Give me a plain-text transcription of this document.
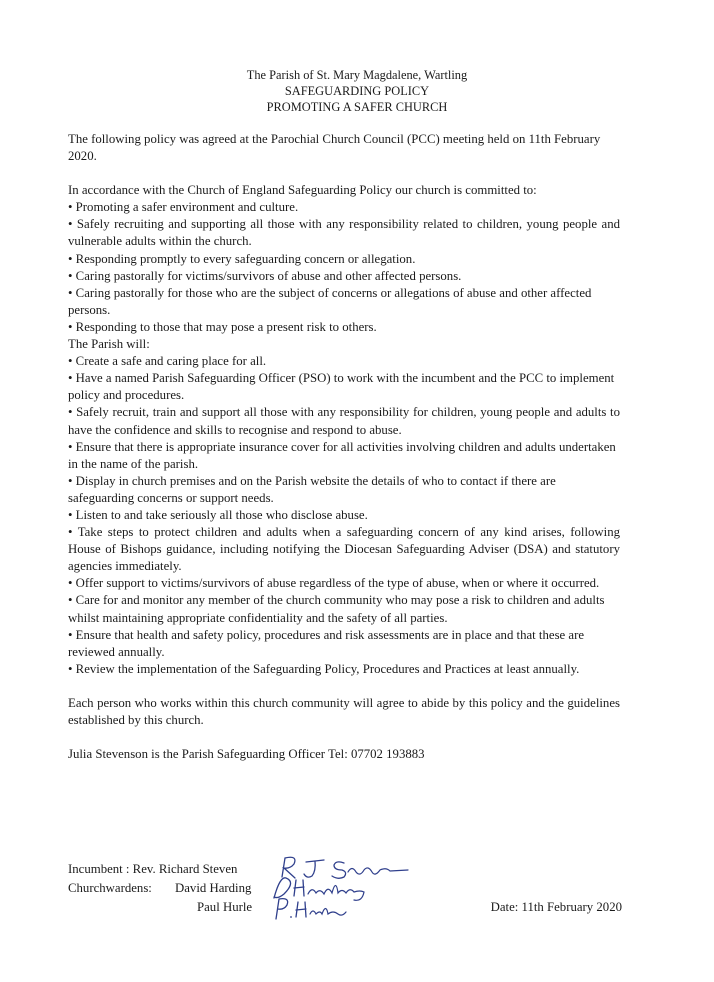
The Parish of St. Mary Magdalene, Wartling
SAFEGUARDING POLICY
PROMOTING A SAFER CHURCH

The following policy was agreed at the Parochial Church Council (PCC) meeting held on 11th February 2020.

In accordance with the Church of England Safeguarding Policy our church is committed to:

• Promoting a safer environment and culture.

• Safely recruiting and supporting all those with any responsibility related to children, young people and vulnerable adults within the church.

• Responding promptly to every safeguarding concern or allegation.

• Caring pastorally for victims/survivors of abuse and other affected persons.

• Caring pastorally for those who are the subject of concerns or allegations of abuse and other affected persons.

• Responding to those that may pose a present risk to others.

The Parish will:

• Create a safe and caring place for all.

• Have a named Parish Safeguarding Officer (PSO) to work with the incumbent and the PCC to implement policy and procedures.

• Safely recruit, train and support all those with any responsibility for children, young people and adults to have the confidence and skills to recognise and respond to abuse.

• Ensure that there is appropriate insurance cover for all activities involving children and adults undertaken in the name of the parish.

• Display in church premises and on the Parish website the details of who to contact if there are safeguarding concerns or support needs.

• Listen to and take seriously all those who disclose abuse.

• Take steps to protect children and adults when a safeguarding concern of any kind arises, following House of Bishops guidance, including notifying the Diocesan Safeguarding Adviser (DSA) and statutory agencies immediately.

• Offer support to victims/survivors of abuse regardless of the type of abuse, when or where it occurred.

• Care for and monitor any member of the church community who may pose a risk to children and adults whilst maintaining appropriate confidentiality and the safety of all parties.

• Ensure that health and safety policy, procedures and risk assessments are in place and that these are reviewed annually.

• Review the implementation of the Safeguarding Policy, Procedures and Practices at least annually.

Each person who works within this church community will agree to abide by this policy and the guidelines established by this church.

Julia Stevenson is the Parish Safeguarding Officer Tel: 07702 193883

Incumbent : Rev. Richard Steven
Churchwardens: David Harding
Paul Hurle	Date: 11th February 2020
